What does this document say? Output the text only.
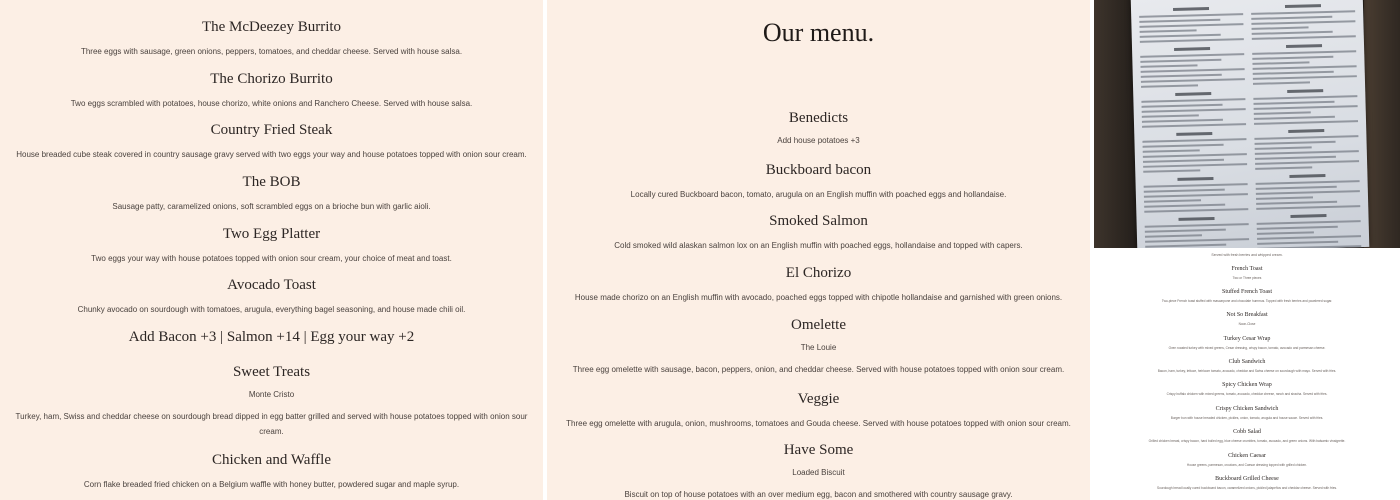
The McDeezey Burrito
Three eggs with sausage, green onions, peppers, tomatoes, and cheddar cheese. Served with house salsa.
The Chorizo Burrito
Two eggs scrambled with potatoes, house chorizo, white onions and Ranchero Cheese. Served with house salsa.
Country Fried Steak
House breaded cube steak covered in country sausage gravy served with two eggs your way and house potatoes topped with onion sour cream.
The BOB
Sausage patty, caramelized onions, soft scrambled eggs on a brioche bun with garlic aioli.
Two Egg Platter
Two eggs your way with house potatoes topped with onion sour cream, your choice of meat and toast.
Avocado Toast
Chunky avocado on sourdough with tomatoes, arugula, everything bagel seasoning, and house made chili oil.
Add Bacon +3 | Salmon +14 | Egg your way +2
Sweet Treats
Monte Cristo
Turkey, ham, Swiss and cheddar cheese on sourdough bread dipped in egg batter grilled and served with house potatoes topped with onion sour cream.
Chicken and Waffle
Corn flake breaded fried chicken on a Belgium waffle with honey butter, powdered sugar and maple syrup.
Our menu.
Benedicts
Add house potatoes +3
Buckboard bacon
Locally cured Buckboard bacon, tomato, arugula on an English muffin with poached eggs and hollandaise.
Smoked Salmon
Cold smoked wild alaskan salmon lox on an English muffin with poached eggs, hollandaise and topped with capers.
El Chorizo
House made chorizo on an English muffin with avocado, poached eggs topped with chipotle hollandaise and garnished with green onions.
Omelette
The Louie
Three egg omelette with sausage, bacon, peppers, onion, and cheddar cheese. Served with house potatoes topped with onion sour cream.
Veggie
Three egg omelette with arugula, onion, mushrooms, tomatoes and Gouda cheese. Served with house potatoes topped with onion sour cream.
Have Some
Loaded Biscuit
Biscuit on top of house potatoes with an over medium egg, bacon and smothered with country sausage gravy.
Served with fresh berries and whipped cream.
French Toast
Two or Three pieces
Stuffed French Toast
Two-piece French toast stuffed with mascarpone and chocolate hummus. Topped with fresh berries and powdered sugar.
Not So Breakfast
Noon-Close
Turkey Cesar Wrap
Oven roasted turkey with mixed greens, Cesar dressing, crispy bacon, tomato, avocado and parmesan cheese.
Club Sandwich
Bacon, ham, turkey, lettuce, heirloom tomato, avocado, cheddar and Swiss cheese on sourdough with mayo. Served with fries.
Spicy Chicken Wrap
Crispy buffalo chicken with mixed greens, tomato, avocado, cheddar cheese, ranch and siracha. Served with fries.
Crispy Chicken Sandwich
Burger bun with house breaded chicken, pickles, onion, tomato, arugula and house sauce. Served with fries.
Cobb Salad
Grilled chicken breast, crispy bacon, hard boiled egg, blue cheese crumbles, tomato, avocado, and green onions. With balsamic vinaigrette.
Chicken Caesar
House greens, parmesan, croutons, and Caesar dressing topped with grilled chicken.
Buckboard Grilled Cheese
Sourdough bread locally cured buckboard bacon, caramelized onions, pickled jalapeños and cheddar cheese. Served with fries.
